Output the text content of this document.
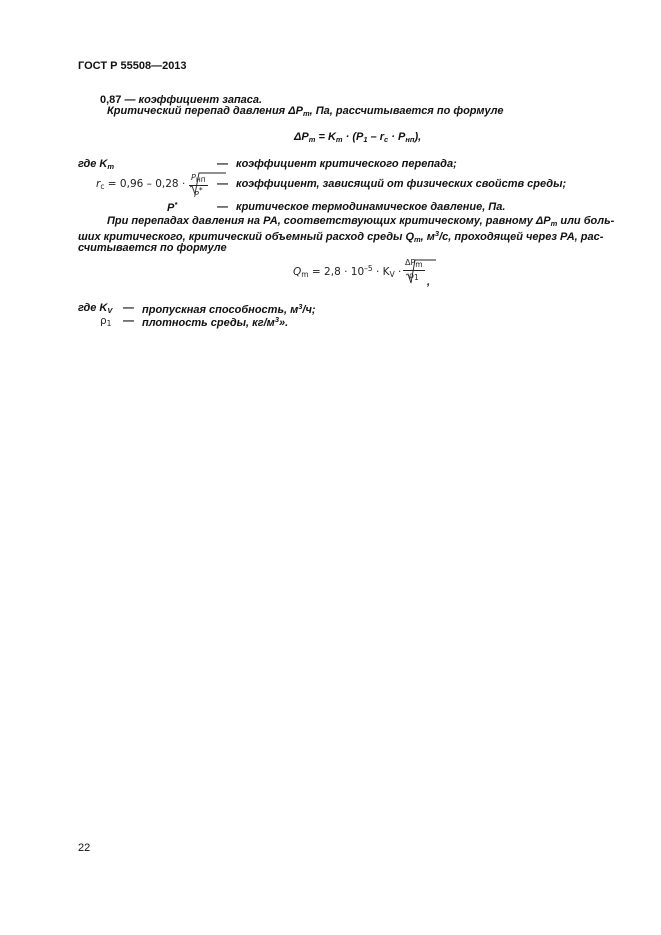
ГОСТ Р 55508—2013
0,87 — коэффициент запаса.
Критический перепад давления $\Delta P_m$, Па, рассчитывается по формуле
$\Delta P_m = K_m \cdot (P_1 - r_c \cdot P_{нп})$,
где $K_m$	— коэффициент критического перепада;
$r_c = 0,96 - 0,28 \cdot \frac{P_{нп}}{P^*}$ — коэффициент, зависящий от физических свойств среды;
P*	— критическое термодинамическое давление, Па.
При перепадах давления на РА, соответствующих критическому, равному $\Delta P_m$ или боль-
ших критического, критический объемный расход среды $Q_m$, $м^3/с$, проходящей через РА, рас-
считывается по формуле
$Q_m = 2,8 \cdot 10^{-5} \cdot K_V \cdot \frac{\Delta P_m}{\rho_1}$ ,
где $K_V$ — пропускная способность, $м^3/ч$;
$\rho_1$ — плотность среды, $кг/м^3$».
22
